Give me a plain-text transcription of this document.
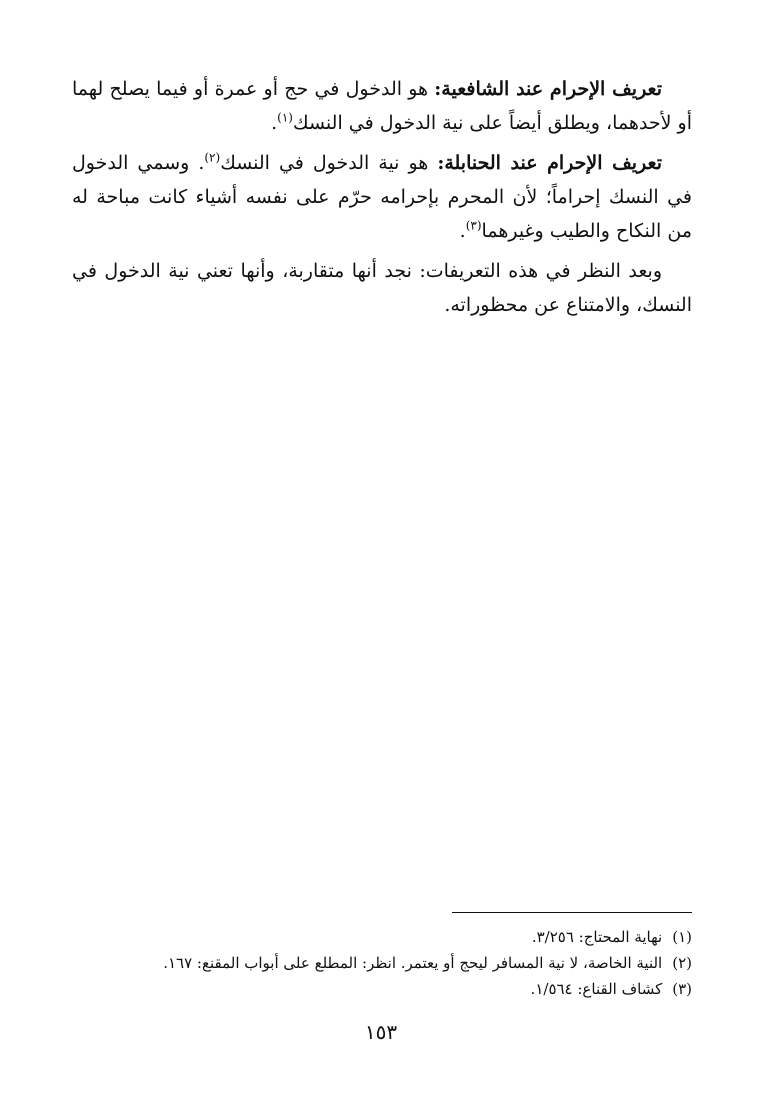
تعريف الإحرام عند الشافعية: هو الدخول في حج أو عمرة أو فيما يصلح لهما أو لأحدهما، ويطلق أيضاً على نية الدخول في النسك$^{(١)}$.

تعريف الإحرام عند الحنابلة: هو نية الدخول في النسك$^{(٢)}$. وسمي الدخول في النسك إحراماً؛ لأن المحرم بإحرامه حرّم على نفسه أشياء كانت مباحة له من النكاح والطيب وغيرهما$^{(٣)}$.

وبعد النظر في هذه التعريفات: نجد أنها متقاربة، وأنها تعني نية الدخول في النسك، والامتناع عن محظوراته.

(١)نهاية المحتاج: ٣/٢٥٦.

(٢)النية الخاصة، لا نية المسافر ليحج أو يعتمر. انظر: المطلع على أبواب المقنع: ١٦٧.

(٣)كشاف القناع: ١/٥٦٤.

١٥٣
